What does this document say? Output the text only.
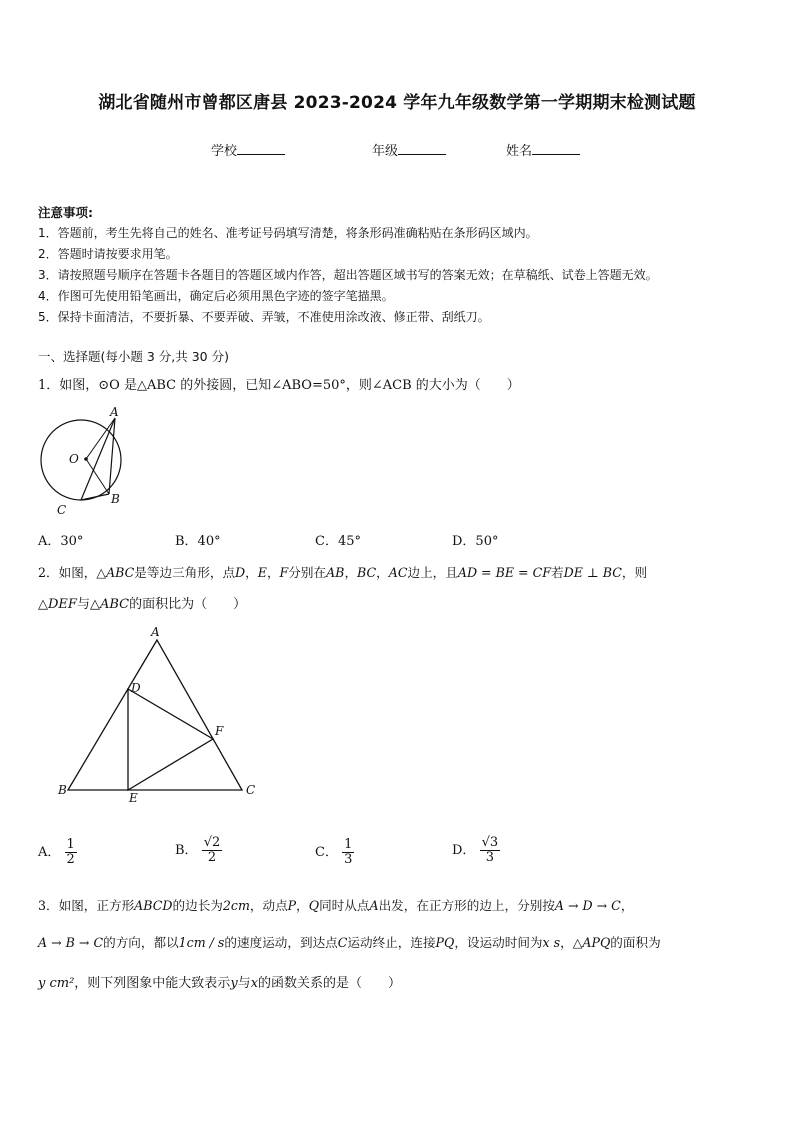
湖北省随州市曾都区唐县 2023-2024 学年九年级数学第一学期期末检测试题
学校	年级	姓名
注意事项:
1．答题前，考生先将自己的姓名、准考证号码填写清楚，将条形码准确粘贴在条形码区域内。
2．答题时请按要求用笔。
3．请按照题号顺序在答题卡各题目的答题区域内作答，超出答题区域书写的答案无效；在草稿纸、试卷上答题无效。
4．作图可先使用铅笔画出，确定后必须用黑色字迹的签字笔描黑。
5．保持卡面清洁，不要折暴、不要弄破、弄皱，不准使用涂改液、修正带、刮纸刀。
一、选择题(每小题 3 分,共 30 分)
1．如图，⊙O 是△ABC 的外接圆，已知∠ABO=50°，则∠ACB 的大小为（　　）
A
O
B
C
A．30°	B．40°	C．45°	D．50°
2．如图，△ABC是等边三角形，点D，E，F分别在AB，BC，AC边上，且AD = BE = CF若DE ⊥ BC，则
△DEF与△ABC的面积比为（　　）
A
B	C
D
E
F
A． $\frac{1}{2}$	B． $\frac{√2}{2}$	C． $\frac{1}{3}$	D． $\frac{√3}{3}$
3．如图，正方形ABCD的边长为2cm，动点P，Q同时从点A出发，在正方形的边上，分别按A → D → C，
A → B → C的方向，都以1cm / s的速度运动，到达点C运动终止，连接PQ，设运动时间为x s，△APQ的面积为
y cm²，则下列图象中能大致表示y与x的函数关系的是（　　）
